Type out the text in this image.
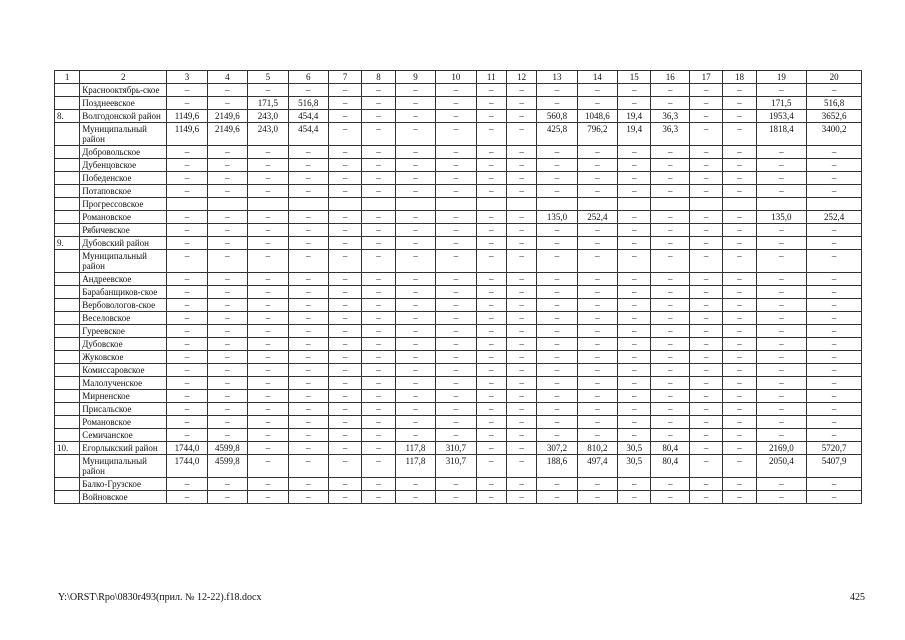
1	2	3	4	5	6	7	8	9	10	11	12	13	14	15	16	17	18	19	20
	Краснооктябрь-ское	–	–	–	–	–	–	–	–	–	–	–	–	–	–	–	–	–	–
	Позднеевское	–	–	171,5	516,8	–	–	–	–	–	–	–	–	–	–	–	–	171,5	516,8
8.	Волгодонской район	1149,6	2149,6	243,0	454,4	–	–	–	–	–	–	560,8	1048,6	19,4	36,3	–	–	1953,4	3652,6
	Муниципальный район	1149,6	2149,6	243,0	454,4	–	–	–	–	–	–	425,8	796,2	19,4	36,3	–	–	1818,4	3400,2
	Добровольское	–	–	–	–	–	–	–	–	–	–	–	–	–	–	–	–	–	–
	Дубенцовское	–	–	–	–	–	–	–	–	–	–	–	–	–	–	–	–	–	–
	Победенское	–	–	–	–	–	–	–	–	–	–	–	–	–	–	–	–	–	–
	Потаповское	–	–	–	–	–	–	–	–	–	–	–	–	–	–	–	–	–	–
	Прогрессовское																		
	Романовское	–	–	–	–	–	–	–	–	–	–	135,0	252,4	–	–	–	–	135,0	252,4
	Рябичевское	–	–	–	–	–	–	–	–	–	–	–	–	–	–	–	–	–	–
9.	Дубовский район	–	–	–	–	–	–	–	–	–	–	–	–	–	–	–	–	–	–
	Муниципальный район	–	–	–	–	–	–	–	–	–	–	–	–	–	–	–	–	–	–
	Андреевское	–	–	–	–	–	–	–	–	–	–	–	–	–	–	–	–	–	–
	Барабанщиков-ское	–	–	–	–	–	–	–	–	–	–	–	–	–	–	–	–	–	–
	Вербовологов-ское	–	–	–	–	–	–	–	–	–	–	–	–	–	–	–	–	–	–
	Веселовское	–	–	–	–	–	–	–	–	–	–	–	–	–	–	–	–	–	–
	Гуреевское	–	–	–	–	–	–	–	–	–	–	–	–	–	–	–	–	–	–
	Дубовское	–	–	–	–	–	–	–	–	–	–	–	–	–	–	–	–	–	–
	Жуковское	–	–	–	–	–	–	–	–	–	–	–	–	–	–	–	–	–	–
	Комиссаровское	–	–	–	–	–	–	–	–	–	–	–	–	–	–	–	–	–	–
	Малолученское	–	–	–	–	–	–	–	–	–	–	–	–	–	–	–	–	–	–
	Мирненское	–	–	–	–	–	–	–	–	–	–	–	–	–	–	–	–	–	–
	Присальское	–	–	–	–	–	–	–	–	–	–	–	–	–	–	–	–	–	–
	Романовское	–	–	–	–	–	–	–	–	–	–	–	–	–	–	–	–	–	–
	Семичанское	–	–	–	–	–	–	–	–	–	–	–	–	–	–	–	–	–	–
10.	Егорлыкский район	1744,0	4599,8	–	–	–	–	117,8	310,7	–	–	307,2	810,2	30,5	80,4	–	–	2169,0	5720,7
	Муниципальный район	1744,0	4599,8	–	–	–	–	117,8	310,7	–	–	188,6	497,4	30,5	80,4	–	–	2050,4	5407,9
	Балко-Грузское	–	–	–	–	–	–	–	–	–	–	–	–	–	–	–	–	–	–
	Войновское	–	–	–	–	–	–	–	–	–	–	–	–	–	–	–	–	–	–
Y:\ORST\Rpo\0830r493(прил. № 12-22).f18.docx	425
